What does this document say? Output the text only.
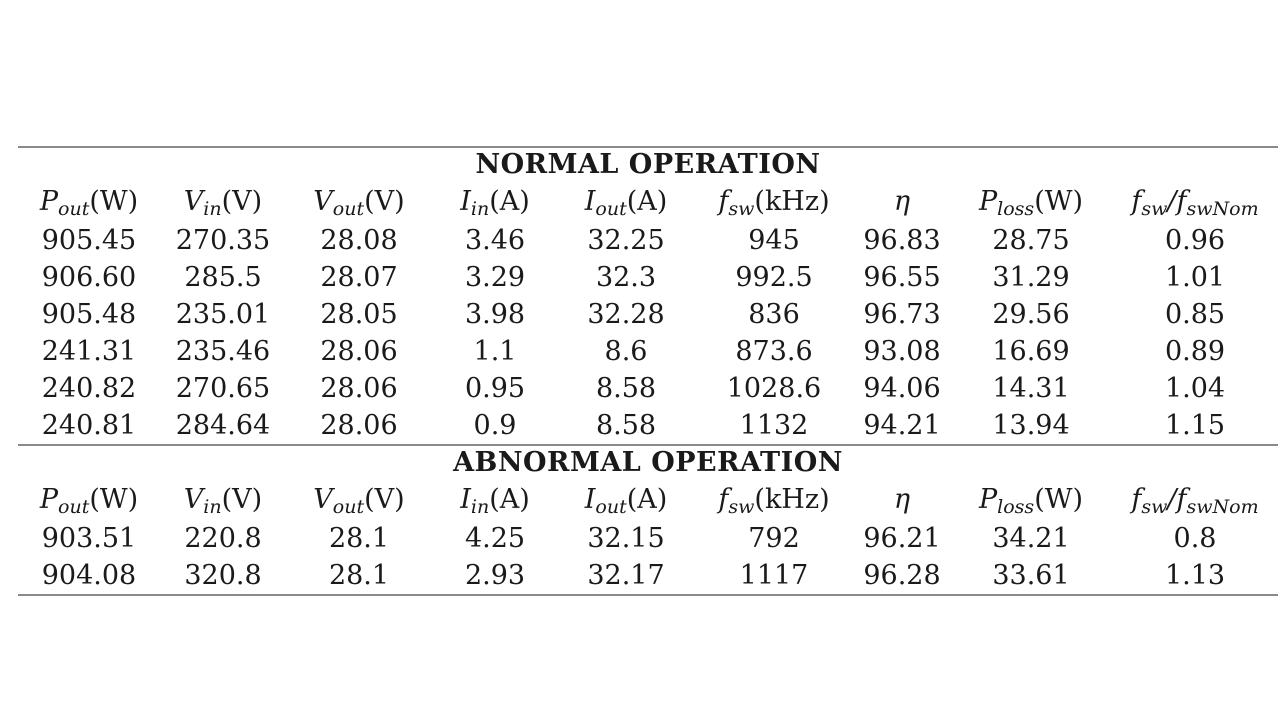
NORMAL OPERATION
$P_{out}(W)$	$V_{in}(V)$	$V_{out}(V)$	$I_{in}(A)$	$I_{out}(A)$	$f_{sw}(kHz)$	η	$P_{loss}(W)$	$f_{sw}/f_{swNom}$
905.45	270.35	28.08	3.46	32.25	945	96.83	28.75	0.96
906.60	285.5	28.07	3.29	32.3	992.5	96.55	31.29	1.01
905.48	235.01	28.05	3.98	32.28	836	96.73	29.56	0.85
241.31	235.46	28.06	1.1	8.6	873.6	93.08	16.69	0.89
240.82	270.65	28.06	0.95	8.58	1028.6	94.06	14.31	1.04
240.81	284.64	28.06	0.9	8.58	1132	94.21	13.94	1.15
ABNORMAL OPERATION
$P_{out}(W)$	$V_{in}(V)$	$V_{out}(V)$	$I_{in}(A)$	$I_{out}(A)$	$f_{sw}(kHz)$	η	$P_{loss}(W)$	$f_{sw}/f_{swNom}$
903.51	220.8	28.1	4.25	32.15	792	96.21	34.21	0.8
904.08	320.8	28.1	2.93	32.17	1117	96.28	33.61	1.13
